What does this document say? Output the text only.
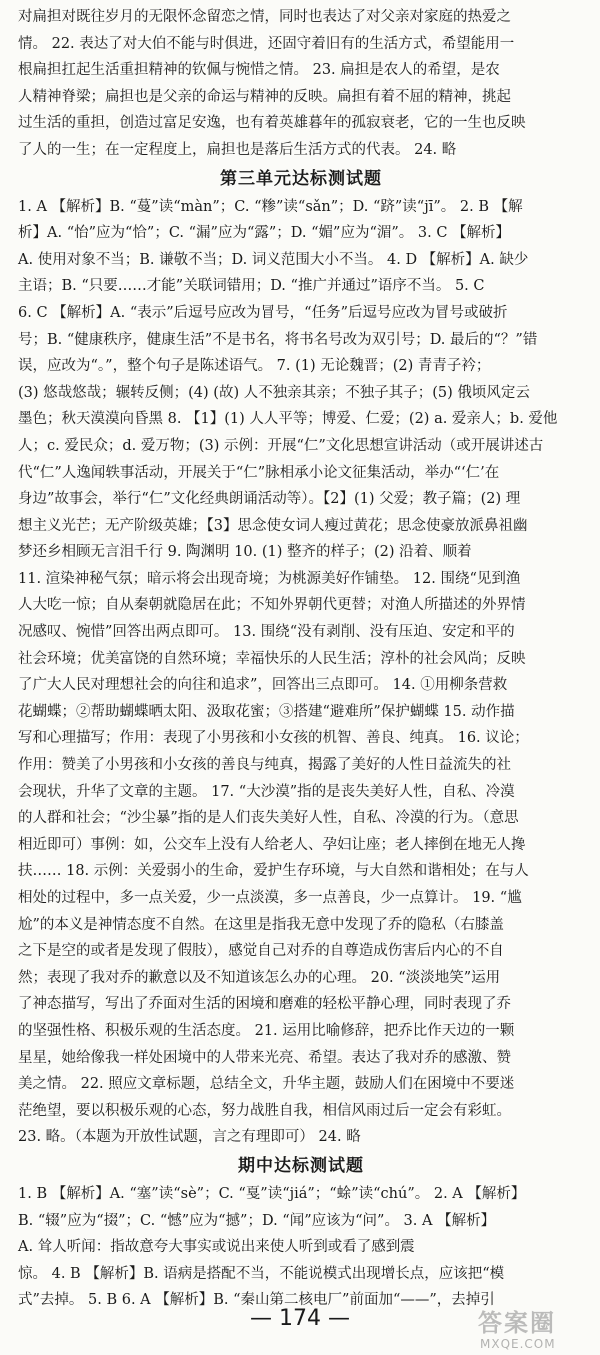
对扁担对既往岁月的无限怀念留恋之情，同时也表达了对父亲对家庭的热爱之

情。 22. 表达了对大伯不能与时俱进，还固守着旧有的生活方式，希望能用一

根扁担扛起生活重担精神的钦佩与惋惜之情。 23. 扁担是农人的希望，是农

人精神脊梁；扁担也是父亲的命运与精神的反映。扁担有着不屈的精神，挑起

过生活的重担，创造过富足安逸，也有着英雄暮年的孤寂衰老，它的一生也反映

了人的一生；在一定程度上，扁担也是落后生活方式的代表。 24. 略

第三单元达标测试题

1. A 【解析】B. “蔓”读“màn”；C. “糁”读“sǎn”；D. “跻”读“jī”。 2. B 【解

析】A. “怡”应为“恰”；C. “漏”应为“露”；D. “媚”应为“湄”。 3. C 【解析】

A. 使用对象不当；B. 谦敬不当；D. 词义范围大小不当。 4. D 【解析】A. 缺少

主语；B. “只要……才能”关联词错用；D. “推广并通过”语序不当。 5. C

6. C 【解析】A. “表示”后逗号应改为冒号，“任务”后逗号应改为冒号或破折

号；B. “健康秩序，健康生活”不是书名，将书名号改为双引号；D. 最后的“？”错

误，应改为“。”，整个句子是陈述语气。 7. (1) 无论魏晋；(2) 青青子衿；

(3) 悠哉悠哉；辗转反侧；(4) (故) 人不独亲其亲；不独子其子；(5) 俄顷风定云

墨色；秋天漠漠向昏黑 8. 【1】(1) 人人平等；博爱、仁爱；(2) a. 爱亲人；b. 爱他

人；c. 爱民众；d. 爱万物；(3) 示例：开展“仁”文化思想宣讲活动（或开展讲述古

代“仁”人逸闻轶事活动，开展关于“仁”脉相承小论文征集活动，举办“‘仁’在

身边”故事会，举行“仁”文化经典朗诵活动等）。【2】(1) 父爱；教子篇；(2) 理

想主义光芒；无产阶级英雄；【3】思念使女词人瘦过黄花；思念使豪放派鼻祖幽

梦还乡相顾无言泪千行 9. 陶渊明 10. (1) 整齐的样子；(2) 沿着、顺着

11. 渲染神秘气氛；暗示将会出现奇境；为桃源美好作铺垫。 12. 围绕“见到渔

人大吃一惊；自从秦朝就隐居在此；不知外界朝代更替；对渔人所描述的外界情

况感叹、惋惜”回答出两点即可。 13. 围绕“没有剥削、没有压迫、安定和平的

社会环境；优美富饶的自然环境；幸福快乐的人民生活；淳朴的社会风尚；反映

了广大人民对理想社会的向往和追求”，回答出三点即可。 14. ①用柳条营救

花蝴蝶；②帮助蝴蝶晒太阳、汲取花蜜；③搭建“避难所”保护蝴蝶 15. 动作描

写和心理描写；作用：表现了小男孩和小女孩的机智、善良、纯真。 16. 议论；

作用：赞美了小男孩和小女孩的善良与纯真，揭露了美好的人性日益流失的社

会现状，升华了文章的主题。 17. “大沙漠”指的是丧失美好人性，自私、冷漠

的人群和社会；“沙尘暴”指的是人们丧失美好人性，自私、冷漠的行为。（意思

相近即可）事例：如，公交车上没有人给老人、孕妇让座；老人摔倒在地无人搀

扶…… 18. 示例：关爱弱小的生命，爱护生存环境，与大自然和谐相处；在与人

相处的过程中，多一点关爱，少一点淡漠，多一点善良，少一点算计。 19. “尴

尬”的本义是神情态度不自然。在这里是指我无意中发现了乔的隐私（右膝盖

之下是空的或者是发现了假肢），感觉自己对乔的自尊造成伤害后内心的不自

然；表现了我对乔的歉意以及不知道该怎么办的心理。 20. “淡淡地笑”运用

了神态描写，写出了乔面对生活的困境和磨难的轻松平静心理，同时表现了乔

的坚强性格、积极乐观的生活态度。 21. 运用比喻修辞，把乔比作天边的一颗

星星，她给像我一样处困境中的人带来光亮、希望。表达了我对乔的感激、赞

美之情。 22. 照应文章标题，总结全文，升华主题，鼓励人们在困境中不要迷

茫绝望，要以积极乐观的心态，努力战胜自我，相信风雨过后一定会有彩虹。

23. 略。（本题为开放性试题，言之有理即可） 24. 略

期中达标测试题

1. B 【解析】A. “塞”读“sè”；C. “戛”读“jiá”；“蜍”读“chú”。 2. A 【解析】

B. “辍”应为“掇”；C. “憾”应为“撼”；D. “闻”应该为“问”。 3. A 【解析】

A. 耸人听闻：指故意夸大事实或说出来使人听到或看了感到震

惊。 4. B 【解析】B. 语病是搭配不当，不能说模式出现增长点，应该把“模

式”去掉。 5. B 6. A 【解析】B. “秦山第二核电厂”前面加“——”，去掉引

— 174 —	答案圈
MXQE.COM
